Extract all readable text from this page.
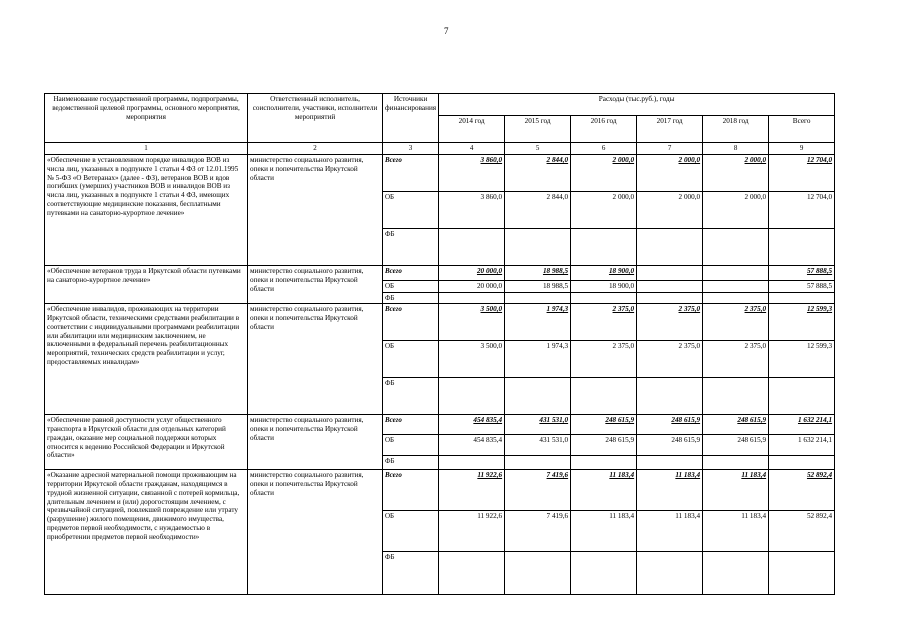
7
Наименование государственной программы, подпрограммы, ведомственной целевой программы, основного мероприятия, мероприятия	Ответственный исполнитель, соисполнители, участники, исполнители мероприятий	Источники финансирования	Расходы (тыс.руб.), годы					
			2014 год	2015 год	2016 год	2017 год	2018 год	Всего
1	2	3	4	5	6	7	8	9
«Обеспечение в установленном порядке инвалидов ВОВ из числа лиц, указанных в подпункте 1 статьи 4 ФЗ от 12.01.1995 № 5-ФЗ «О Ветеранах» (далее - ФЗ), ветеранов ВОВ и вдов погибших (умерших) участников ВОВ и инвалидов ВОВ из числа лиц, указанных в подпункте 1 статьи 4 ФЗ, имеющих соответствующие медицинские показания, бесплатными путевками на санаторно-курортное лечение»	министерство социального развития, опеки и попечительства Иркутской области	Всего	3 860,0	2 844,0	2 000,0	2 000,0	2 000,0	12 704,0
		ОБ	3 860,0	2 844,0	2 000,0	2 000,0	2 000,0	12 704,0
		ФБ						
«Обеспечение ветеранов труда в Иркутской области путевками на санаторно-курортное лечение»	министерство социального развития, опеки и попечительства Иркутской области	Всего	20 000,0	18 988,5	18 900,0			57 888,5
		ОБ	20 000,0	18 988,5	18 900,0			57 888,5
		ФБ						
«Обеспечение инвалидов, проживающих на территории Иркутской области, техническими средствами реабилитации в соответствии с индивидуальными программами реабилитации или абилитации или медицинским заключением, не включенными в федеральный перечень реабилитационных мероприятий, технических средств реабилитации и услуг, предоставляемых инвалидам»	министерство социального развития, опеки и попечительства Иркутской области	Всего	3 500,0	1 974,3	2 375,0	2 375,0	2 375,0	12 599,3
		ОБ	3 500,0	1 974,3	2 375,0	2 375,0	2 375,0	12 599,3
		ФБ						
«Обеспечение равной доступности услуг общественного транспорта в Иркутской области для отдельных категорий граждан, оказание мер социальной поддержки которых относится к ведению Российской Федерации и Иркутской области»	министерство социального развития, опеки и попечительства Иркутской области	Всего	454 835,4	431 531,0	248 615,9	248 615,9	248 615,9	1 632 214,1
		ОБ	454 835,4	431 531,0	248 615,9	248 615,9	248 615,9	1 632 214,1
		ФБ						
«Оказание адресной материальной помощи проживающим на территории Иркутской области гражданам, находящимся в трудной жизненной ситуации, связанной с потерей кормильца, длительным лечением и (или) дорогостоящим лечением, с чрезвычайной ситуацией, повлекшей повреждение или утрату (разрушение) жилого помещения, движимого имущества, предметов первой необходимости, с нуждаемостью в приобретении предметов первой необходимости»	министерство социального развития, опеки и попечительства Иркутской области	Всего	11 922,6	7 419,6	11 183,4	11 183,4	11 183,4	52 892,4
		ОБ	11 922,6	7 419,6	11 183,4	11 183,4	11 183,4	52 892,4
		ФБ						
